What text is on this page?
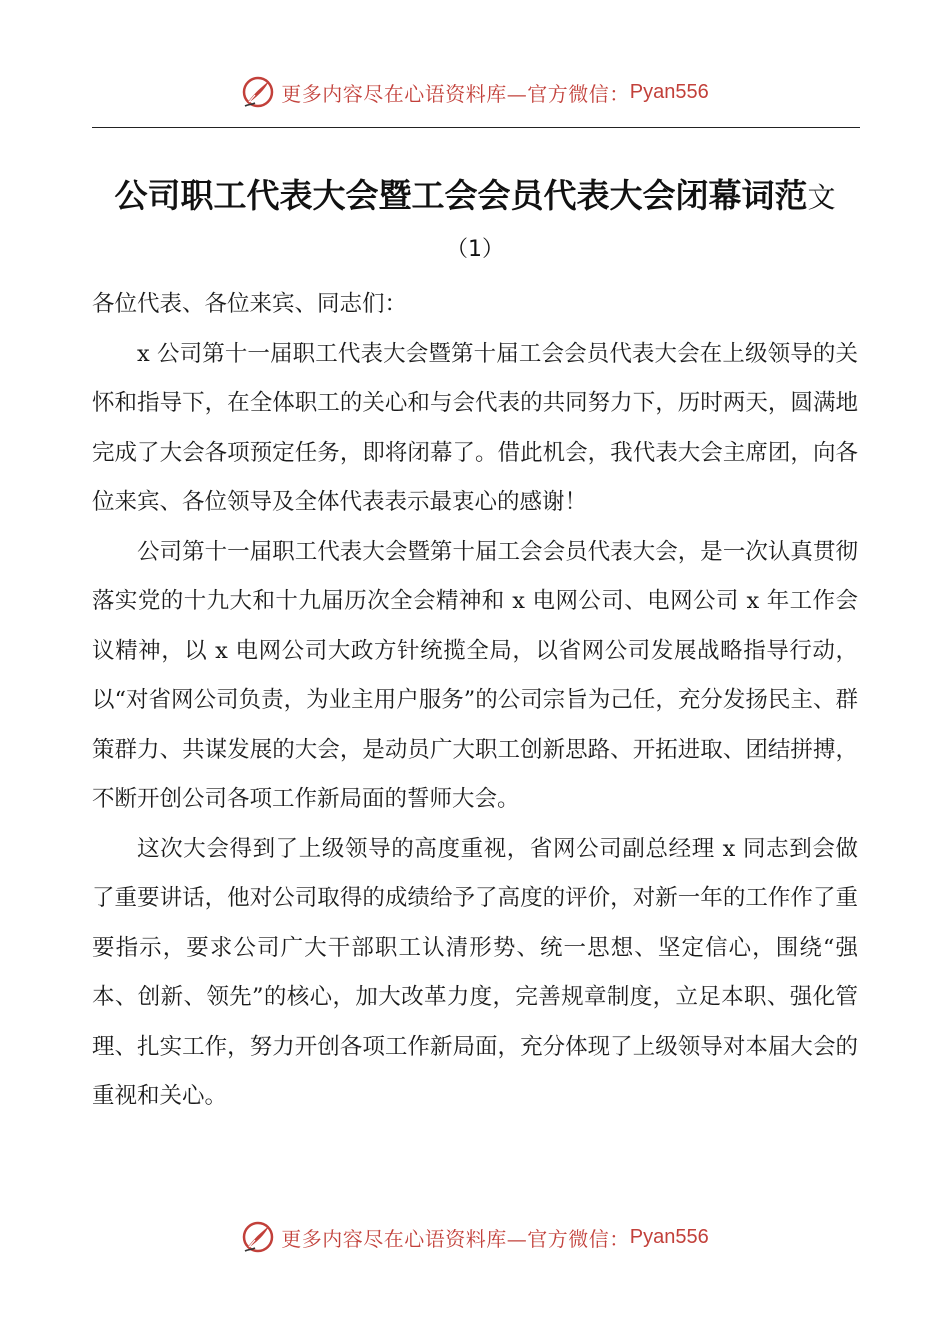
更多内容尽在心语资料库—官方微信： Pyan556
公司职工代表大会暨工会会员代表大会闭幕词范文
（1）

各位代表、各位来宾、同志们：

x 公司第十一届职工代表大会暨第十届工会会员代表大会在上级领导的关怀和指导下，在全体职工的关心和与会代表的共同努力下，历时两天，圆满地完成了大会各项预定任务，即将闭幕了。借此机会，我代表大会主席团，向各位来宾、各位领导及全体代表表示最衷心的感谢！

公司第十一届职工代表大会暨第十届工会会员代表大会，是一次认真贯彻落实党的十九大和十九届历次全会精神和 x 电网公司、电网公司 x 年工作会议精神，以 x 电网公司大政方针统揽全局，以省网公司发展战略指导行动，以“对省网公司负责，为业主用户服务”的公司宗旨为己任，充分发扬民主、群策群力、共谋发展的大会，是动员广大职工创新思路、开拓进取、团结拼搏，不断开创公司各项工作新局面的誓师大会。

这次大会得到了上级领导的高度重视，省网公司副总经理 x 同志到会做了重要讲话，他对公司取得的成绩给予了高度的评价，对新一年的工作作了重要指示，要求公司广大干部职工认清形势、统一思想、坚定信心，围绕“强本、创新、领先”的核心，加大改革力度，完善规章制度，立足本职、强化管理、扎实工作，努力开创各项工作新局面，充分体现了上级领导对本届大会的重视和关心。

更多内容尽在心语资料库—官方微信： Pyan556
